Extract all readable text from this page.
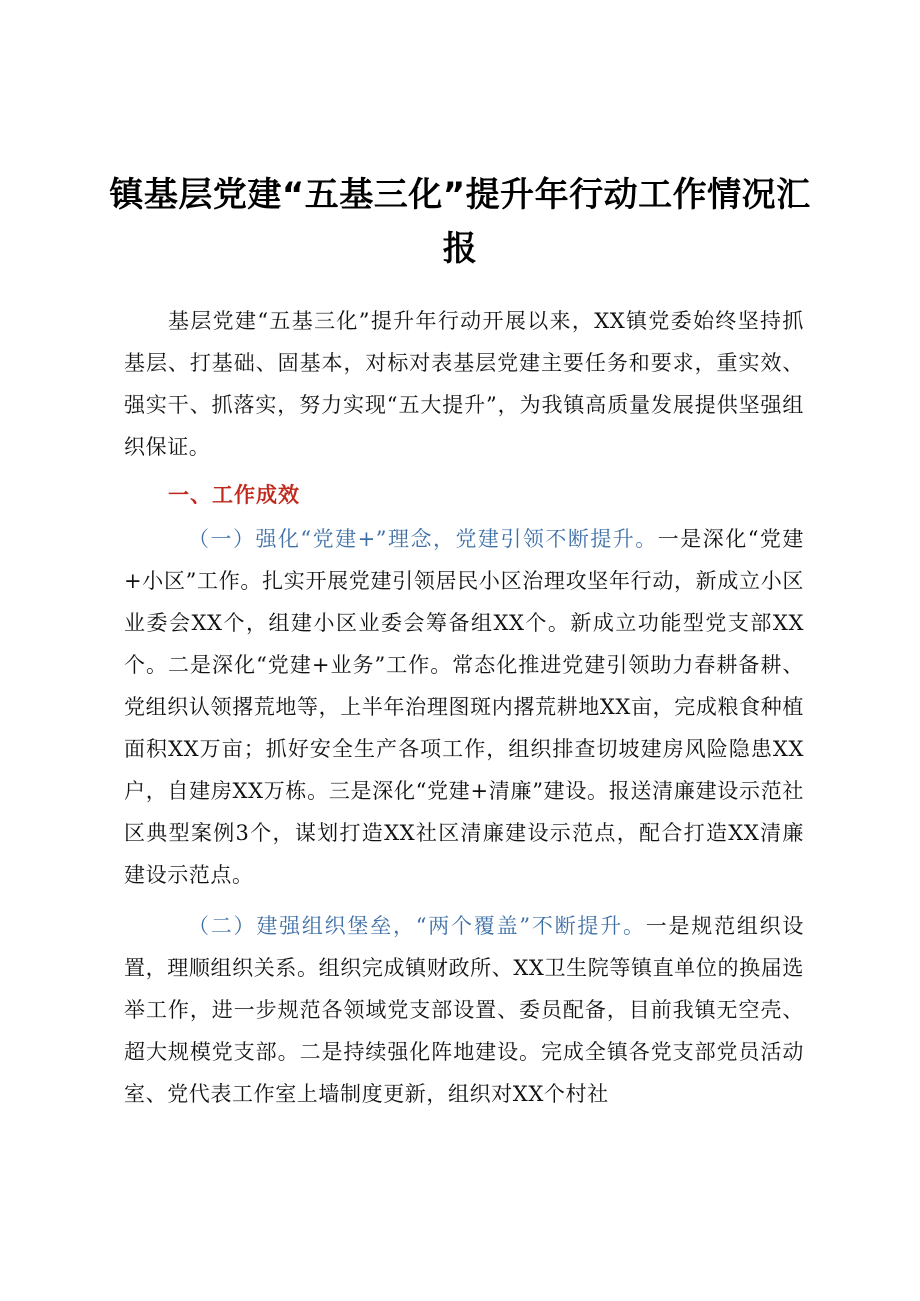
镇基层党建“五基三化”提升年行动工作情况汇报

基层党建“五基三化”提升年行动开展以来，XX镇党委始终坚持抓基层、打基础、固基本，对标对表基层党建主要任务和要求，重实效、强实干、抓落实，努力实现“五大提升”，为我镇高质量发展提供坚强组织保证。

一、工作成效

（一）强化“党建+”理念，党建引领不断提升。一是深化“党建+小区”工作。扎实开展党建引领居民小区治理攻坚年行动，新成立小区业委会XX个，组建小区业委会筹备组XX个。新成立功能型党支部XX个。二是深化“党建+业务”工作。常态化推进党建引领助力春耕备耕、党组织认领撂荒地等，上半年治理图斑内撂荒耕地XX亩，完成粮食种植面积XX万亩；抓好安全生产各项工作，组织排查切坡建房风险隐患XX户，自建房XX万栋。三是深化“党建+清廉”建设。报送清廉建设示范社区典型案例3个，谋划打造XX社区清廉建设示范点，配合打造XX清廉建设示范点。

（二）建强组织堡垒，“两个覆盖”不断提升。一是规范组织设置，理顺组织关系。组织完成镇财政所、XX卫生院等镇直单位的换届选举工作，进一步规范各领域党支部设置、委员配备，目前我镇无空壳、超大规模党支部。二是持续强化阵地建设。完成全镇各党支部党员活动室、党代表工作室上墙制度更新，组织对XX个村社
